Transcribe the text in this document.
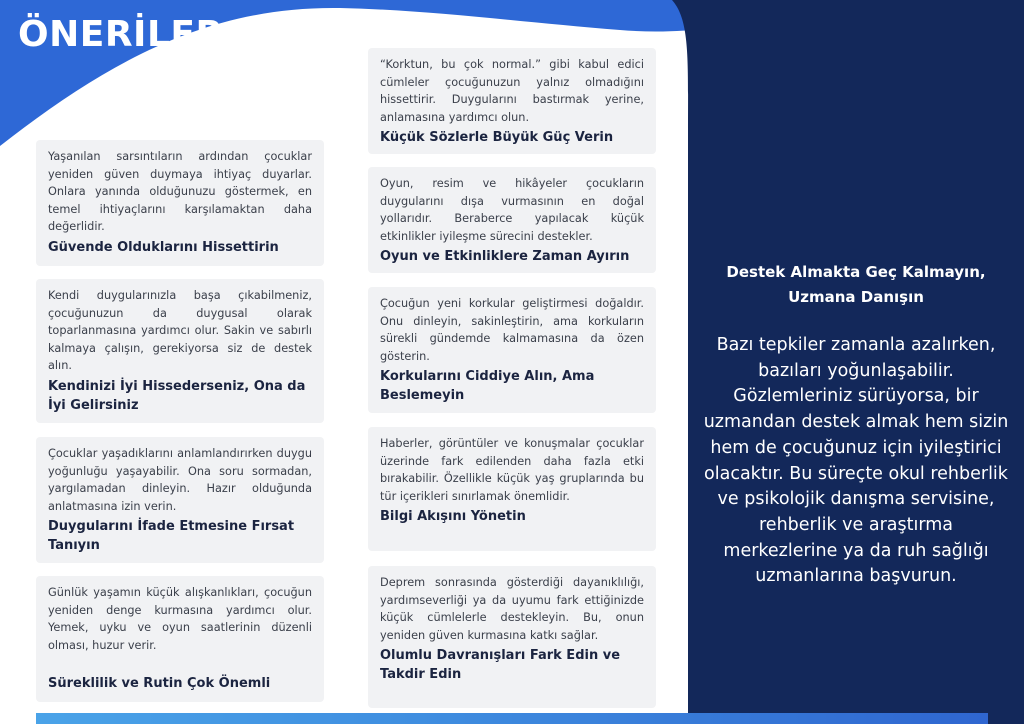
ÖNERİLER
Yaşanılan sarsıntıların ardından çocuklar yeniden güven duymaya ihtiyaç duyarlar. Onlara yanında olduğunuzu göstermek, en temel ihtiyaçlarını karşılamaktan daha değerlidir.
Güvende Olduklarını Hissettirin
Kendi duygularınızla başa çıkabilmeniz, çocuğunuzun da duygusal olarak toparlanmasına yardımcı olur. Sakin ve sabırlı kalmaya çalışın, gerekiyorsa siz de destek alın.
Kendinizi İyi Hissederseniz, Ona da İyi Gelirsiniz
Çocuklar yaşadıklarını anlamlandırırken duygu yoğunluğu yaşayabilir. Ona soru sormadan, yargılamadan dinleyin. Hazır olduğunda anlatmasına izin verin.
Duygularını İfade Etmesine Fırsat Tanıyın
Günlük yaşamın küçük alışkanlıkları, çocuğun yeniden denge kurmasına yardımcı olur. Yemek, uyku ve oyun saatlerinin düzenli olması, huzur verir.
Süreklilik ve Rutin Çok Önemli
“Korktun, bu çok normal.” gibi kabul edici cümleler çocuğunuzun yalnız olmadığını hissettirir. Duygularını bastırmak yerine, anlamasına yardımcı olun.
Küçük Sözlerle Büyük Güç Verin
Oyun, resim ve hikâyeler çocukların duygularını dışa vurmasının en doğal yollarıdır. Beraberce yapılacak küçük etkinlikler iyileşme sürecini destekler.
Oyun ve Etkinliklere Zaman Ayırın
Çocuğun yeni korkular geliştirmesi doğaldır. Onu dinleyin, sakinleştirin, ama korkuların sürekli gündemde kalmamasına da özen gösterin.
Korkularını Ciddiye Alın, Ama Beslemeyin
Haberler, görüntüler ve konuşmalar çocuklar üzerinde fark edilenden daha fazla etki bırakabilir. Özellikle küçük yaş gruplarında bu tür içerikleri sınırlamak önemlidir.
Bilgi Akışını Yönetin
Deprem sonrasında gösterdiği dayanıklılığı, yardımseverliği ya da uyumu fark ettiğinizde küçük cümlelerle destekleyin. Bu, onun yeniden güven kurmasına katkı sağlar.
Olumlu Davranışları Fark Edin ve Takdir Edin
Destek Almakta Geç Kalmayın, Uzmana Danışın
Bazı tepkiler zamanla azalırken, bazıları yoğunlaşabilir. Gözlemleriniz sürüyorsa, bir uzmandan destek almak hem sizin hem de çocuğunuz için iyileştirici olacaktır. Bu süreçte okul rehberlik ve psikolojik danışma servisine, rehberlik ve araştırma merkezlerine ya da ruh sağlığı uzmanlarına başvurun.
